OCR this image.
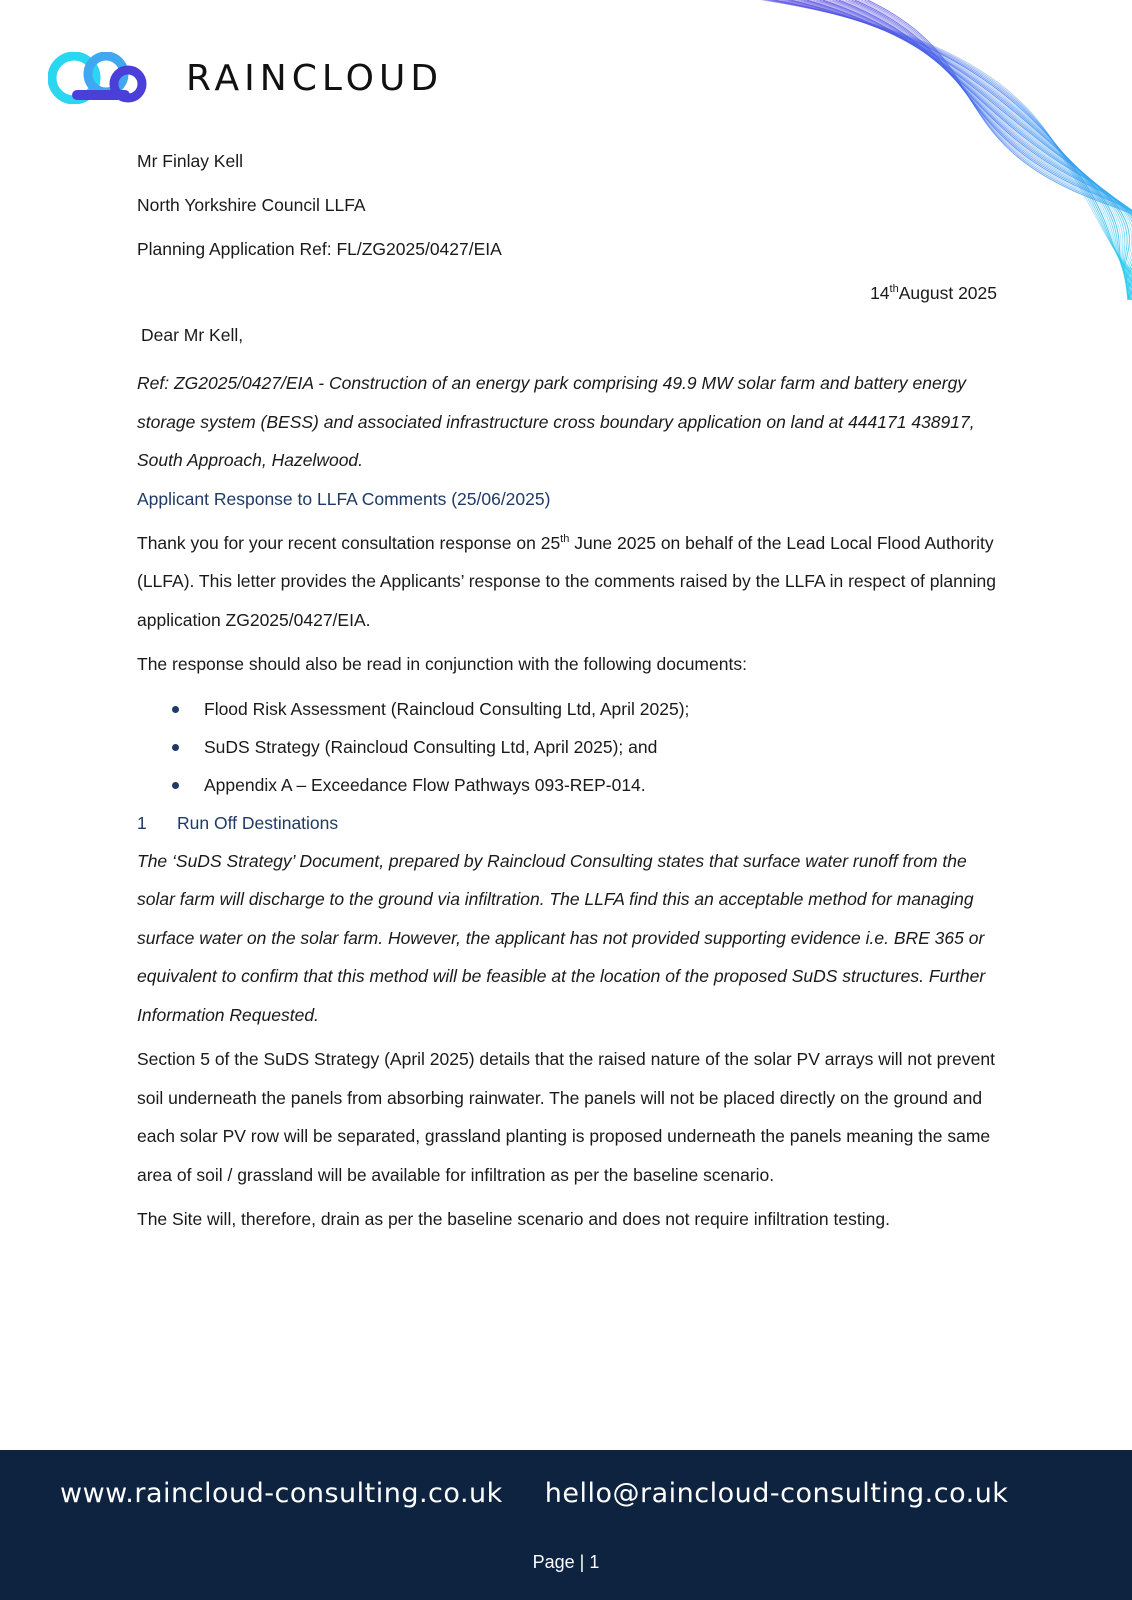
RAINCLOUD
Mr Finlay Kell
North Yorkshire Council LLFA
Planning Application Ref: FL/ZG2025/0427/EIA
14thAugust 2025
Dear Mr Kell,
Ref: ZG2025/0427/EIA - Construction of an energy park comprising 49.9 MW solar farm and battery energy storage system (BESS) and associated infrastructure cross boundary application on land at 444171 438917, South Approach, Hazelwood.
Applicant Response to LLFA Comments (25/06/2025)
Thank you for your recent consultation response on 25th June 2025 on behalf of the Lead Local Flood Authority (LLFA). This letter provides the Applicants’ response to the comments raised by the LLFA in respect of planning application ZG2025/0427/EIA.
The response should also be read in conjunction with the following documents:
Flood Risk Assessment (Raincloud Consulting Ltd, April 2025);
SuDS Strategy (Raincloud Consulting Ltd, April 2025); and
Appendix A – Exceedance Flow Pathways 093-REP-014.
1	Run Off Destinations
The ‘SuDS Strategy’ Document, prepared by Raincloud Consulting states that surface water runoff from the solar farm will discharge to the ground via infiltration. The LLFA find this an acceptable method for managing surface water on the solar farm. However, the applicant has not provided supporting evidence i.e. BRE 365 or equivalent to confirm that this method will be feasible at the location of the proposed SuDS structures. Further Information Requested.
Section 5 of the SuDS Strategy (April 2025) details that the raised nature of the solar PV arrays will not prevent soil underneath the panels from absorbing rainwater. The panels will not be placed directly on the ground and each solar PV row will be separated, grassland planting is proposed underneath the panels meaning the same area of soil / grassland will be available for infiltration as per the baseline scenario.
The Site will, therefore, drain as per the baseline scenario and does not require infiltration testing.
www.raincloud-consulting.co.uk hello@raincloud-consulting.co.uk
Page | 1
